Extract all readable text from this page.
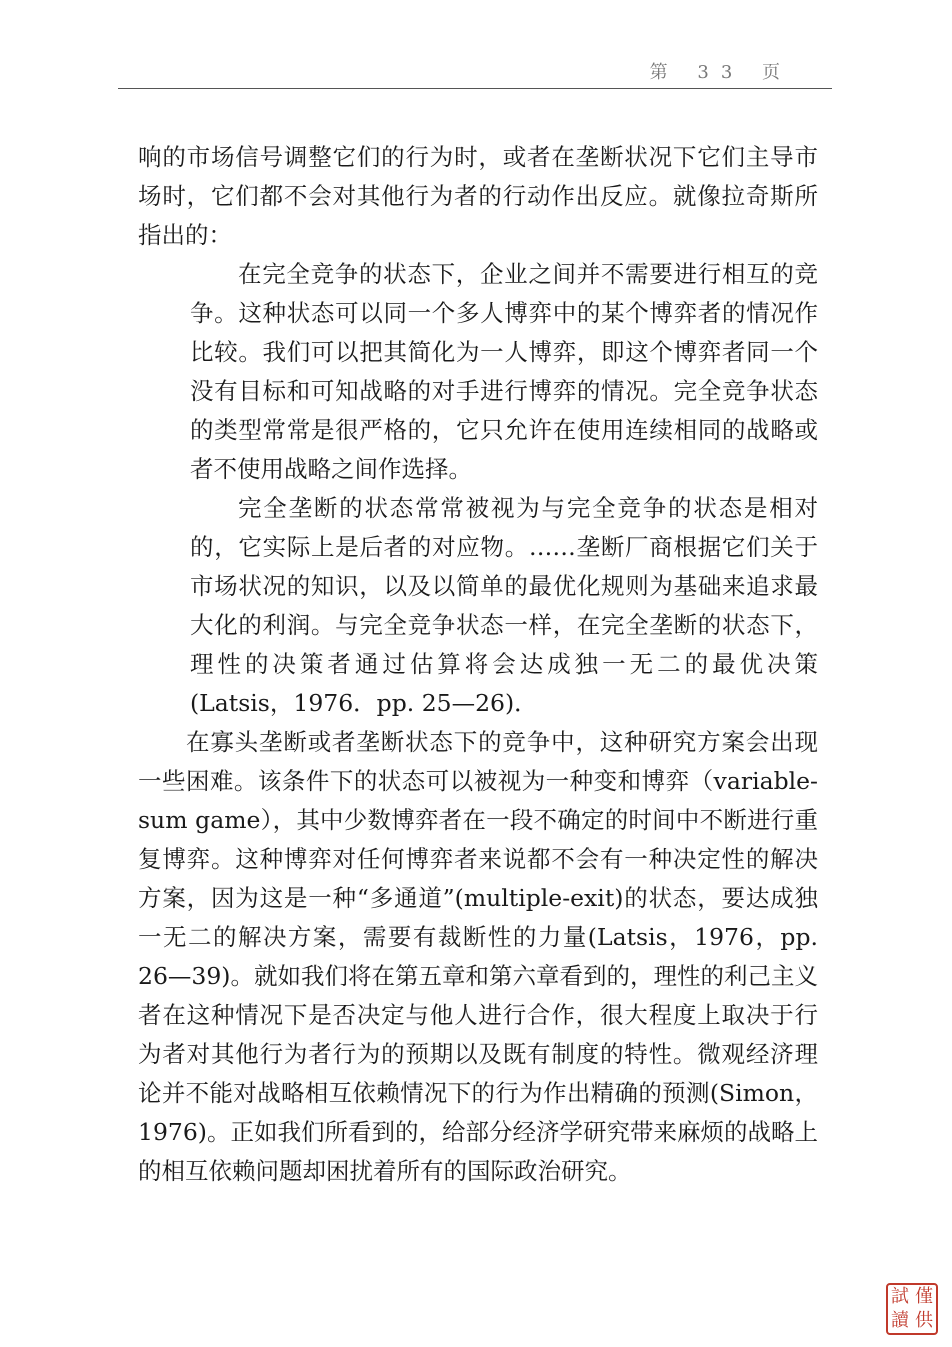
第 33 页

响的市场信号调整它们的行为时，或者在垄断状况下它们主导市场时，它们都不会对其他行为者的行动作出反应。就像拉奇斯所指出的：

在完全竞争的状态下，企业之间并不需要进行相互的竞争。这种状态可以同一个多人博弈中的某个博弈者的情况作比较。我们可以把其简化为一人博弈，即这个博弈者同一个没有目标和可知战略的对手进行博弈的情况。完全竞争状态的类型常常是很严格的，它只允许在使用连续相同的战略或者不使用战略之间作选择。

完全垄断的状态常常被视为与完全竞争的状态是相对的，它实际上是后者的对应物。……垄断厂商根据它们关于市场状况的知识，以及以简单的最优化规则为基础来追求最大化的利润。与完全竞争状态一样，在完全垄断的状态下，理性的决策者通过估算将会达成独一无二的最优决策(Latsis，1976．pp. 25—26)．

在寡头垄断或者垄断状态下的竞争中，这种研究方案会出现一些困难。该条件下的状态可以被视为一种变和博弈（variable-sum game），其中少数博弈者在一段不确定的时间中不断进行重复博弈。这种博弈对任何博弈者来说都不会有一种决定性的解决方案，因为这是一种“多通道”(multiple-exit)的状态，要达成独一无二的解决方案，需要有裁断性的力量(Latsis，1976，pp. 26—39)。就如我们将在第五章和第六章看到的，理性的利己主义者在这种情况下是否决定与他人进行合作，很大程度上取决于行为者对其他行为者行为的预期以及既有制度的特性。微观经济理论并不能对战略相互依赖情况下的行为作出精确的预测(Simon，1976)。正如我们所看到的，给部分经济学研究带来麻烦的战略上的相互依赖问题却困扰着所有的国际政治研究。

試 僅
讀 供
